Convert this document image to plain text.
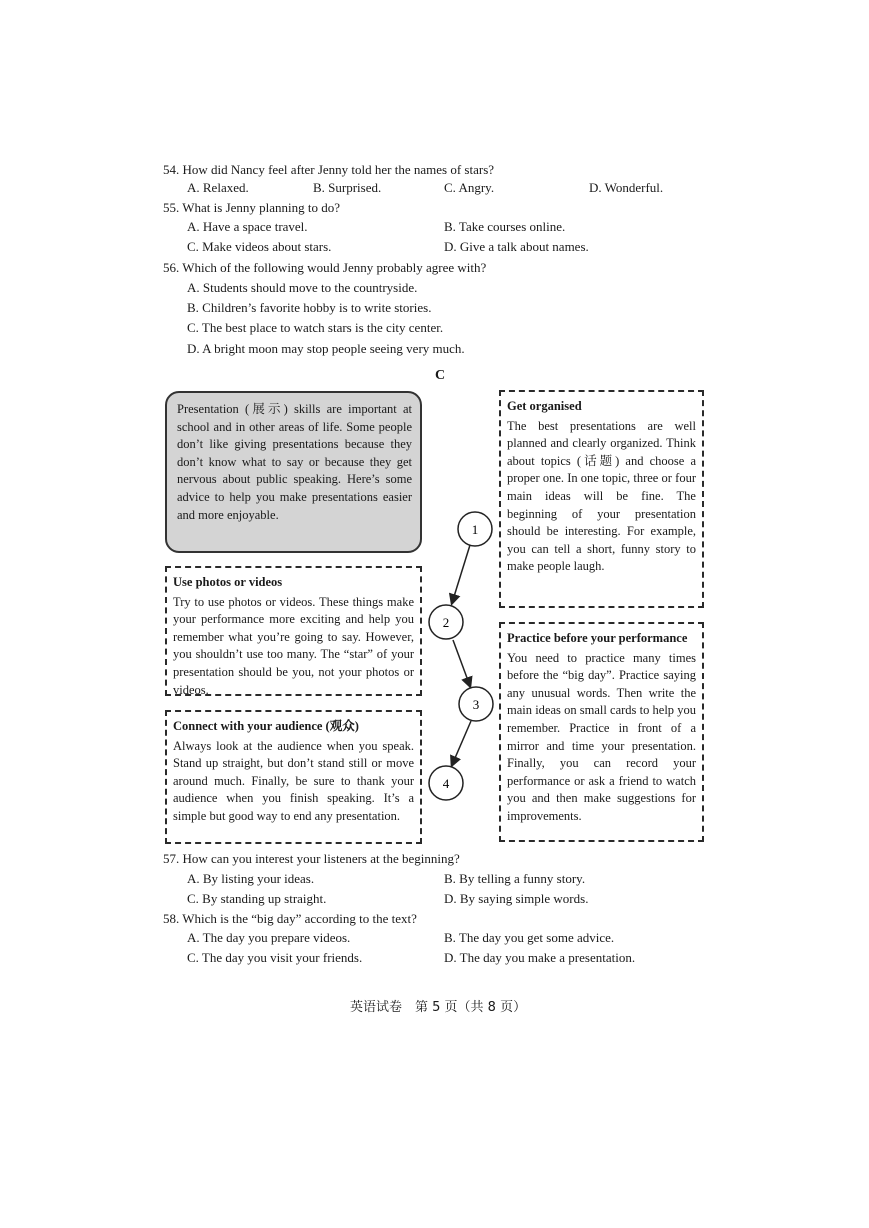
54. How did Nancy feel after Jenny told her the names of stars?
A. Relaxed.	B. Surprised.	C. Angry.	D. Wonderful.
55. What is Jenny planning to do?
A. Have a space travel.	B. Take courses online.
C. Make videos about stars.	D. Give a talk about names.
56. Which of the following would Jenny probably agree with?
A. Students should move to the countryside.
B. Children’s favorite hobby is to write stories.
C. The best place to watch stars is the city center.
D. A bright moon may stop people seeing very much.
C
1
2
3
4

Presentation (展示) skills are important at school and in other areas of life. Some people don’t like giving presentations because they don’t know what to say or because they get nervous about public speaking. Here’s some advice to help you make presentations easier and more enjoyable.

Get organised

The best presentations are well planned and clearly organized. Think about topics (话题) and choose a proper one. In one topic, three or four main ideas will be fine. The beginning of your presentation should be interesting. For example, you can tell a short, funny story to make people laugh.

Use photos or videos

Try to use photos or videos. These things make your performance more exciting and help you remember what you’re going to say. However, you shouldn’t use too many. The “star” of your presentation should be you, not your photos or videos.

Practice before your performance

You need to practice many times before the “big day”. Practice saying any unusual words. Then write the main ideas on small cards to help you remember. Practice in front of a mirror and time your presentation. Finally, you can record your performance or ask a friend to watch you and then make suggestions for improvements.

Connect with your audience (观众)

Always look at the audience when you speak. Stand up straight, but don’t stand still or move around much. Finally, be sure to thank your audience when you finish speaking. It’s a simple but good way to end any presentation.

57. How can you interest your listeners at the beginning?
A. By listing your ideas.	B. By telling a funny story.
C. By standing up straight.	D. By saying simple words.
58. Which is the “big day” according to the text?
A. The day you prepare videos.	B. The day you get some advice.
C. The day you visit your friends.	D. The day you make a presentation.
英语试卷　第 5 页（共 8 页）
